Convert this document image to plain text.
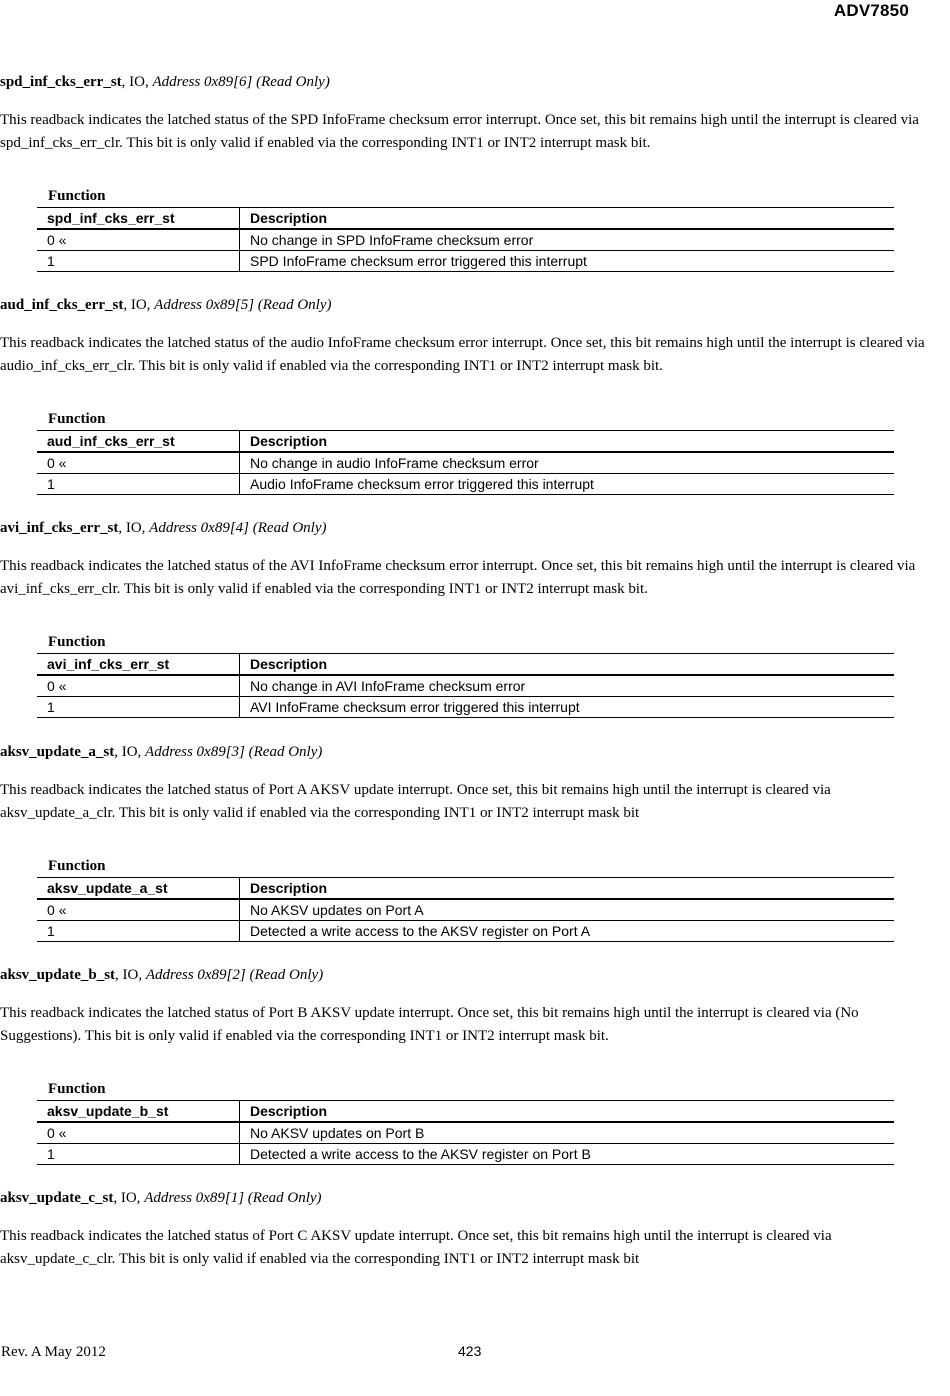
ADV7850

spd_inf_cks_err_st, IO, Address 0x89[6] (Read Only)

This readback indicates the latched status of the SPD InfoFrame checksum error interrupt. Once set, this bit remains high until the interrupt is cleared via spd_inf_cks_err_clr. This bit is only valid if enabled via the corresponding INT1 or INT2 interrupt mask bit.

Function

spd_inf_cks_err_st	Description
0 «	No change in SPD InfoFrame checksum error
1	SPD InfoFrame checksum error triggered this interrupt

aud_inf_cks_err_st, IO, Address 0x89[5] (Read Only)

This readback indicates the latched status of the audio InfoFrame checksum error interrupt. Once set, this bit remains high until the interrupt is cleared via audio_inf_cks_err_clr. This bit is only valid if enabled via the corresponding INT1 or INT2 interrupt mask bit.

Function

aud_inf_cks_err_st	Description
0 «	No change in audio InfoFrame checksum error
1	Audio InfoFrame checksum error triggered this interrupt

avi_inf_cks_err_st, IO, Address 0x89[4] (Read Only)

This readback indicates the latched status of the AVI InfoFrame checksum error interrupt. Once set, this bit remains high until the interrupt is cleared via avi_inf_cks_err_clr. This bit is only valid if enabled via the corresponding INT1 or INT2 interrupt mask bit.

Function

avi_inf_cks_err_st	Description
0 «	No change in AVI InfoFrame checksum error
1	AVI InfoFrame checksum error triggered this interrupt

aksv_update_a_st, IO, Address 0x89[3] (Read Only)

This readback indicates the latched status of Port A AKSV update interrupt. Once set, this bit remains high until the interrupt is cleared via aksv_update_a_clr. This bit is only valid if enabled via the corresponding INT1 or INT2 interrupt mask bit

Function

aksv_update_a_st	Description
0 «	No AKSV updates on Port A
1	Detected a write access to the AKSV register on Port A

aksv_update_b_st, IO, Address 0x89[2] (Read Only)

This readback indicates the latched status of Port B AKSV update interrupt. Once set, this bit remains high until the interrupt is cleared via (No Suggestions). This bit is only valid if enabled via the corresponding INT1 or INT2 interrupt mask bit.

Function

aksv_update_b_st	Description
0 «	No AKSV updates on Port B
1	Detected a write access to the AKSV register on Port B

aksv_update_c_st, IO, Address 0x89[1] (Read Only)

This readback indicates the latched status of Port C AKSV update interrupt. Once set, this bit remains high until the interrupt is cleared via aksv_update_c_clr. This bit is only valid if enabled via the corresponding INT1 or INT2 interrupt mask bit

Rev. A May 2012	423
